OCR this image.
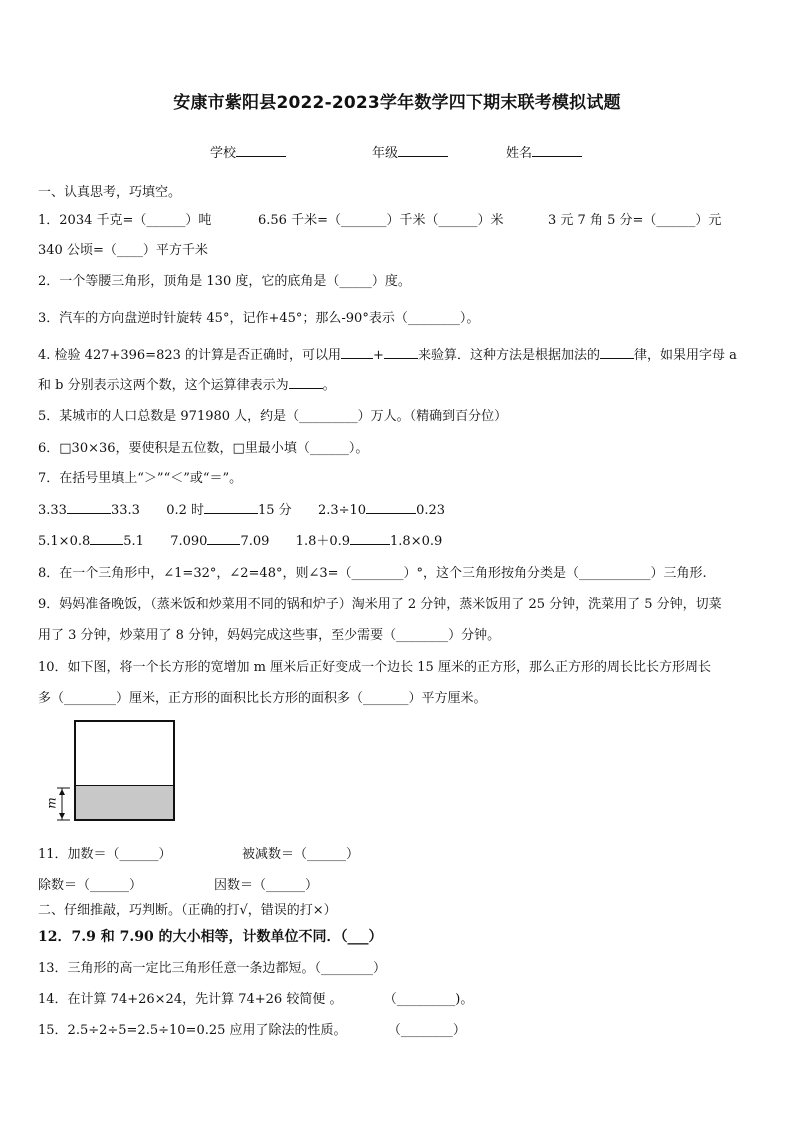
安康市紫阳县2022-2023学年数学四下期末联考模拟试题
学校	年级	姓名
一、认真思考，巧填空。
1．2034 千克=（______）吨	6.56 千米=（_______）千米（______）米	3 元 7 角 5 分=（______）元
340 公顷=（____）平方千米
2．一个等腰三角形，顶角是 130 度，它的底角是（_____）度。
3．汽车的方向盘逆时针旋转 45°，记作+45°；那么-90°表示（________）。
4. 检验 427+396=823 的计算是否正确时，可以用 +	来验算．这种方法是根据加法的	律，如果用字母 a
和 b 分别表示这两个数，这个运算律表示为	。
5．某城市的人口总数是 971980 人，约是（_________）万人。（精确到百分位）
6．□30×36，要使积是五位数，□里最小填（______）。
7．在括号里填上“＞”“＜”或“＝”。
3.33	33.3 0.2 时	15 分 2.3÷10	0.23
5.1×0.8	5.1 7.090	7.09 1.8＋0.9	1.8×0.9
8．在一个三角形中，∠1=32°，∠2=48°，则∠3=（________）°，这个三角形按角分类是（___________）三角形.
9．妈妈准备晚饭，（蒸米饭和炒菜用不同的锅和炉子）淘米用了 2 分钟，蒸米饭用了 25 分钟，洗菜用了 5 分钟，切菜
用了 3 分钟，炒菜用了 8 分钟，妈妈完成这些事，至少需要（________）分钟。
10．如下图，将一个长方形的宽增加 m 厘米后正好变成一个边长 15 厘米的正方形，那么正方形的周长比长方形周长
多（________）厘米，正方形的面积比长方形的面积多（_______）平方厘米。
m
11．加数＝（______）	被减数＝（______）
除数＝（______）	因数＝（______）
二、仔细推敲，巧判断。（正确的打√，错误的打×）
12．7.9 和 7.90 的大小相等，计数单位不同．（___）
13．三角形的高一定比三角形任意一条边都短。（________）
14．在计算 74+26×24，先计算 74+26 较简便 。          （_________)。
15．2.5÷2÷5=2.5÷10=0.25 应用了除法的性质。          （________）
